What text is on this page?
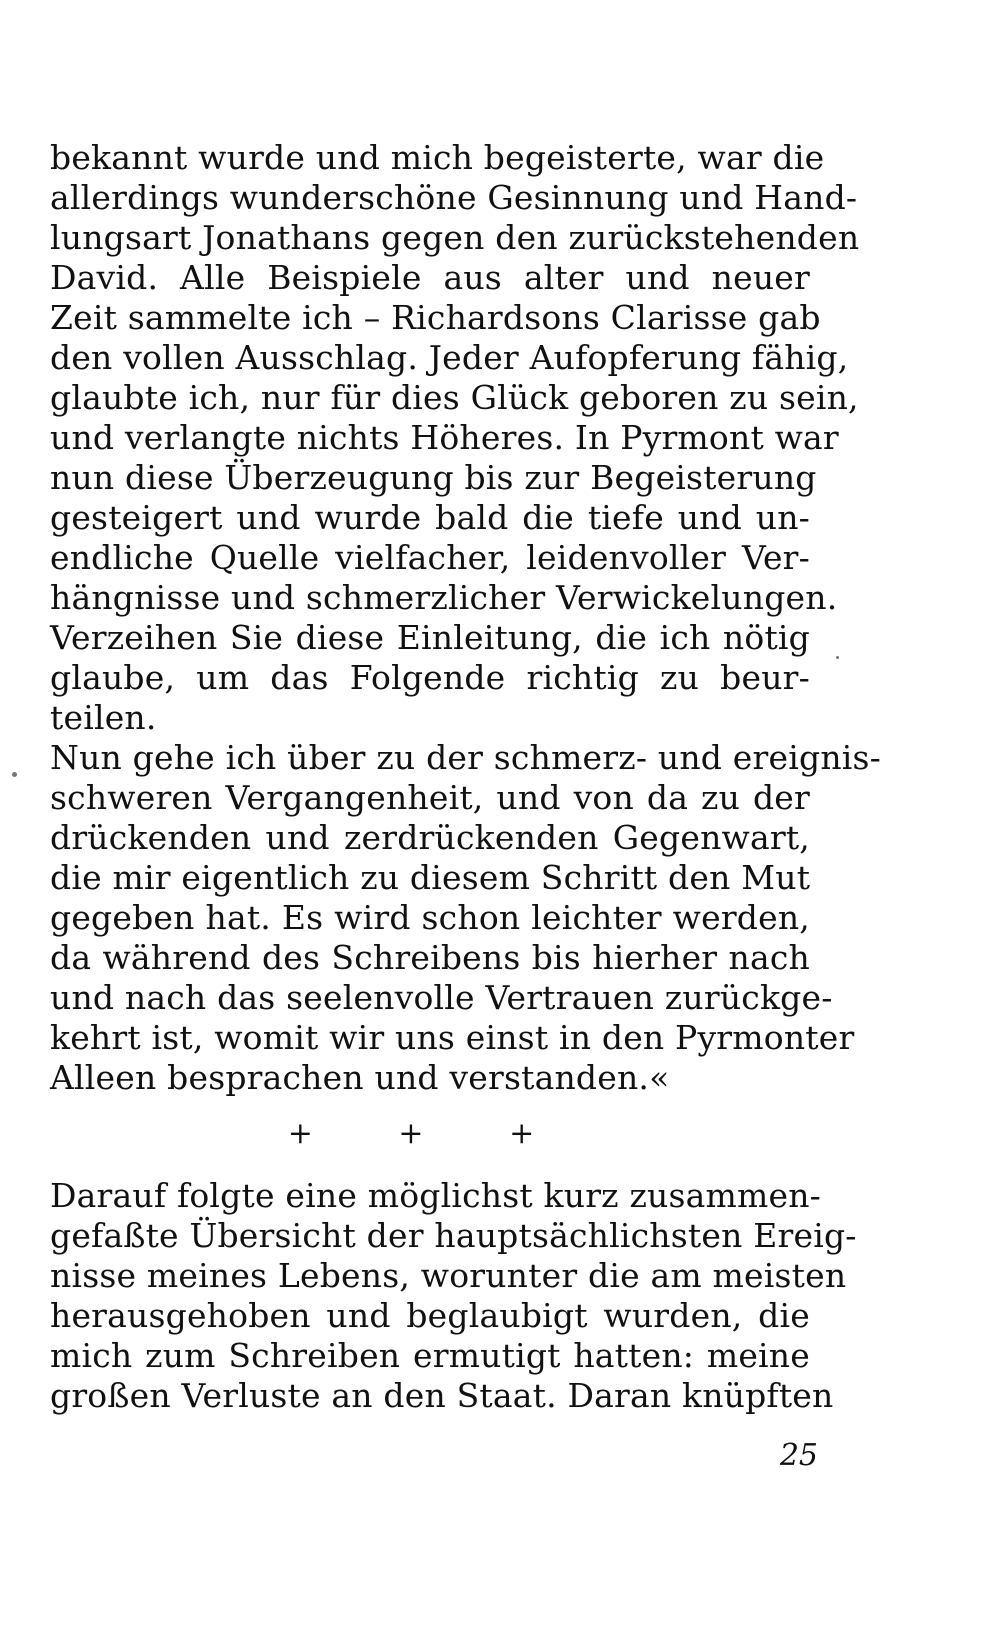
bekannt wurde und mich begeisterte, war die
allerdings wunderschöne Gesinnung und Hand-
lungsart Jonathans gegen den zurückstehenden
David. Alle Beispiele aus alter und neuer
Zeit sammelte ich – Richardsons Clarisse gab
den vollen Ausschlag. Jeder Aufopferung fähig,
glaubte ich, nur für dies Glück geboren zu sein,
und verlangte nichts Höheres. In Pyrmont war
nun diese Überzeugung bis zur Begeisterung
gesteigert und wurde bald die tiefe und un-
endliche Quelle vielfacher, leidenvoller Ver-
hängnisse und schmerzlicher Verwickelungen.
Verzeihen Sie diese Einleitung, die ich nötig
glaube, um das Folgende richtig zu beur-
teilen.
Nun gehe ich über zu der schmerz- und ereignis-
schweren Vergangenheit, und von da zu der
drückenden und zerdrückenden Gegenwart,
die mir eigentlich zu diesem Schritt den Mut
gegeben hat. Es wird schon leichter werden,
da während des Schreibens bis hierher nach
und nach das seelenvolle Vertrauen zurückge-
kehrt ist, womit wir uns einst in den Pyrmonter
Alleen besprachen und verstanden.«
+ + +
Darauf folgte eine möglichst kurz zusammen-
gefaßte Übersicht der hauptsächlichsten Ereig-
nisse meines Lebens, worunter die am meisten
herausgehoben und beglaubigt wurden, die
mich zum Schreiben ermutigt hatten: meine
großen Verluste an den Staat. Daran knüpften
25
